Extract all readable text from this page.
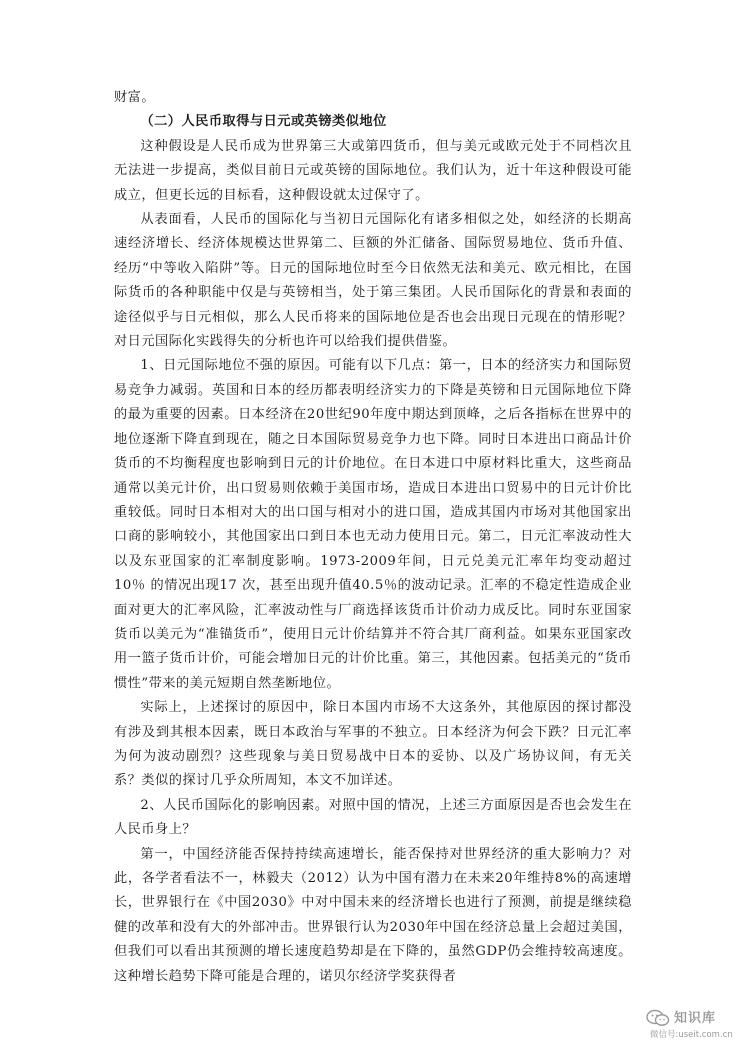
财富。

（二）人民币取得与日元或英镑类似地位

这种假设是人民币成为世界第三大或第四货币，但与美元或欧元处于不同档次且无法进一步提高，类似目前日元或英镑的国际地位。我们认为，近十年这种假设可能成立，但更长远的目标看，这种假设就太过保守了。

从表面看，人民币的国际化与当初日元国际化有诸多相似之处，如经济的长期高速经济增长、经济体规模达世界第二、巨额的外汇储备、国际贸易地位、货币升值、经历“中等收入陷阱”等。日元的国际地位时至今日依然无法和美元、欧元相比，在国际货币的各种职能中仅是与英镑相当，处于第三集团。人民币国际化的背景和表面的途径似乎与日元相似，那么人民币将来的国际地位是否也会出现日元现在的情形呢？对日元国际化实践得失的分析也许可以给我们提供借鉴。

1、日元国际地位不强的原因。可能有以下几点：第一，日本的经济实力和国际贸易竞争力减弱。英国和日本的经历都表明经济实力的下降是英镑和日元国际地位下降的最为重要的因素。日本经济在20世纪90年度中期达到顶峰，之后各指标在世界中的地位逐渐下降直到现在，随之日本国际贸易竞争力也下降。同时日本进出口商品计价货币的不均衡程度也影响到日元的计价地位。在日本进口中原材料比重大，这些商品通常以美元计价，出口贸易则依赖于美国市场，造成日本进出口贸易中的日元计价比重较低。同时日本相对大的出口国与相对小的进口国，造成其国内市场对其他国家出口商的影响较小，其他国家出口到日本也无动力使用日元。第二，日元汇率波动性大以及东亚国家的汇率制度影响。1973-2009年间，日元兑美元汇率年均变动超过10％ 的情况出现17 次，甚至出现升值40.5％的波动记录。汇率的不稳定性造成企业面对更大的汇率风险，汇率波动性与厂商选择该货币计价动力成反比。同时东亚国家货币以美元为“准锚货币”，使用日元计价结算并不符合其厂商利益。如果东亚国家改用一篮子货币计价，可能会增加日元的计价比重。第三，其他因素。包括美元的“货币惯性”带来的美元短期自然垄断地位。

实际上，上述探讨的原因中，除日本国内市场不大这条外，其他原因的探讨都没有涉及到其根本因素，既日本政治与军事的不独立。日本经济为何会下跌？日元汇率为何为波动剧烈？这些现象与美日贸易战中日本的妥协、以及广场协议间，有无关系？类似的探讨几乎众所周知，本文不加详述。

2、人民币国际化的影响因素。对照中国的情况，上述三方面原因是否也会发生在人民币身上？

第一，中国经济能否保持持续高速增长，能否保持对世界经济的重大影响力？对此，各学者看法不一，林毅夫（2012）认为中国有潜力在未来20年维持8%的高速增长，世界银行在《中国2030》中对中国未来的经济增长也进行了预测，前提是继续稳健的改革和没有大的外部冲击。世界银行认为2030年中国在经济总量上会超过美国，但我们可以看出其预测的增长速度趋势却是在下降的，虽然GDP仍会维持较高速度。这种增长趋势下降可能是合理的，诺贝尔经济学奖获得者

知识库
微信号:useit.com.cn
